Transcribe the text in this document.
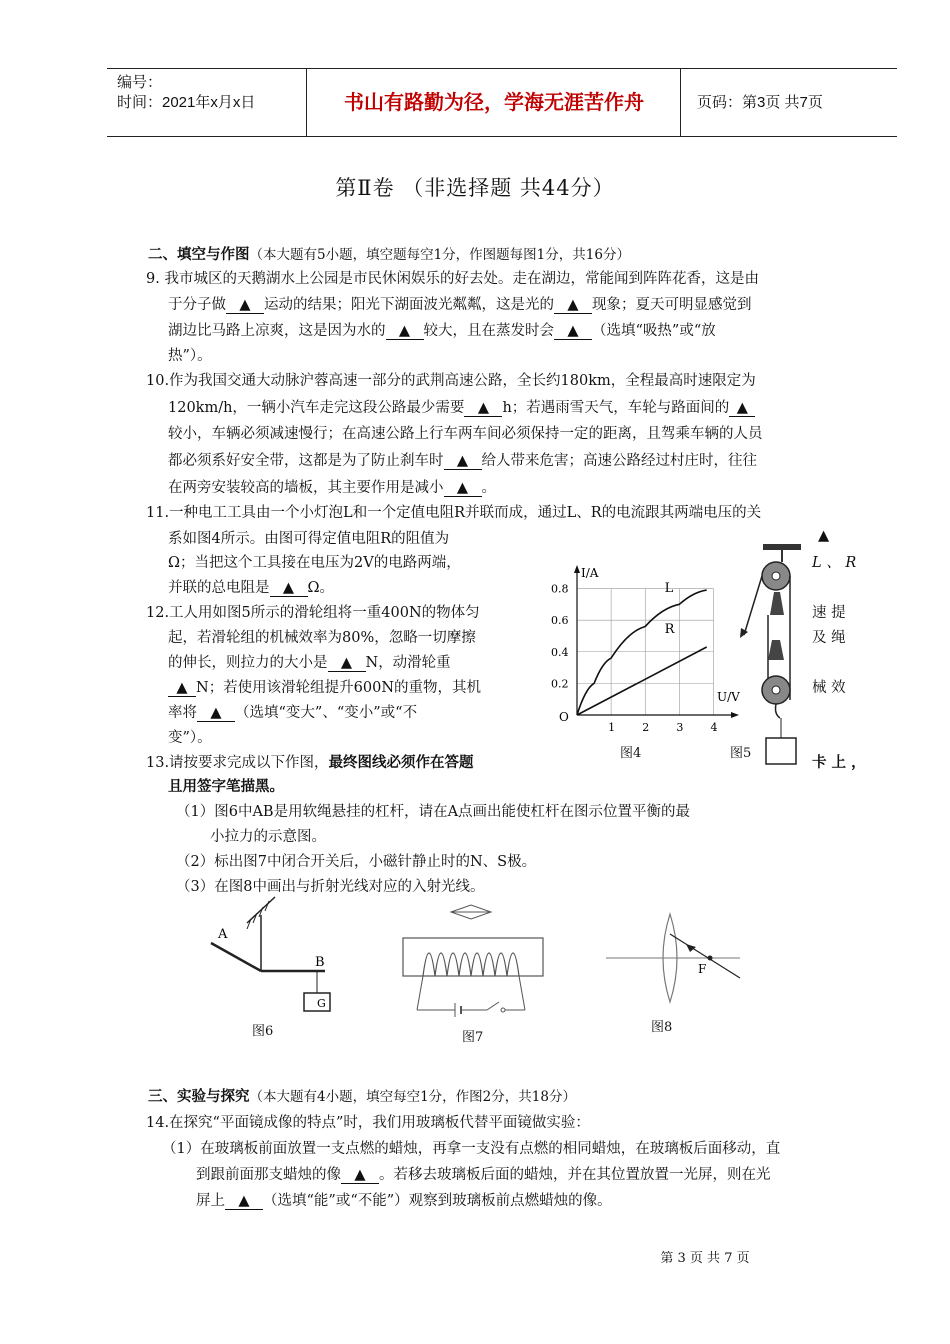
编号：
时间：2021年x月x日	书山有路勤为径，学海无涯苦作舟	页码：第3页 共7页
第Ⅱ卷 （非选择题 共44分）
二、填空与作图（本大题有5小题，填空题每空1分，作图题每图1分，共16分）
9. 我市城区的天鹅湖水上公园是市民休闲娱乐的好去处。走在湖边，常能闻到阵阵花香，这是由
于分子做 ▲ 运动的结果；阳光下湖面波光粼粼，这是光的 ▲ 现象；夏天可明显感觉到
湖边比马路上凉爽，这是因为水的 ▲ 较大，且在蒸发时会 ▲ （选填“吸热”或“放
热”）。
10.作为我国交通大动脉沪蓉高速一部分的武荆高速公路，全长约180km，全程最高时速限定为
120km/h，一辆小汽车走完这段公路最少需要 ▲ h；若遇雨雪天气，车轮与路面间的 ▲
较小，车辆必须减速慢行；在高速公路上行车两车间必须保持一定的距离，且驾乘车辆的人员
都必须系好安全带，这都是为了防止刹车时 ▲ 给人带来危害；高速公路经过村庄时，往往
在两旁安装较高的墙板，其主要作用是减小 ▲ 。
11.一种电工工具由一个小灯泡L和一个定值电阻R并联而成，通过L、R的电流跟其两端电压的关
系如图4所示。由图可得定值电阻R的阻值为	▲
Ω；当把这个工具接在电压为2V的电路两端，	L 、 R
并联的总电阻是 ▲ Ω。
12.工人用如图5所示的滑轮组将一重400N的物体匀	速 提
起，若滑轮组的机械效率为80%，忽略一切摩擦	及 绳
的伸长，则拉力的大小是 ▲ N，动滑轮重
▲ N；若使用该滑轮组提升600N的重物，其机	械 效
率将 ▲ （选填“变大”、“变小”或“不
变”）。
13.请按要求完成以下作图，最终图线必须作在答题	卡 上 ，
且用签字笔描黑。
（1）图6中AB是用软绳悬挂的杠杆，请在A点画出能使杠杆在图示位置平衡的最
小拉力的示意图。
（2）标出图7中闭合开关后，小磁针静止时的N、S极。
（3）在图8中画出与折射光线对应的入射光线。
U/V
I/A
O
1 2 3 4
0.2
0.4
0.6
0.8	L
R
图4	图5
A
B
G
图6	图7
F
图8
三、实验与探究（本大题有4小题，填空每空1分，作图2分，共18分）
14.在探究“平面镜成像的特点”时，我们用玻璃板代替平面镜做实验：
（1）在玻璃板前面放置一支点燃的蜡烛，再拿一支没有点燃的相同蜡烛，在玻璃板后面移动，直
到跟前面那支蜡烛的像 ▲ 。若移去玻璃板后面的蜡烛，并在其位置放置一光屏，则在光
屏上 ▲ （选填“能”或“不能”）观察到玻璃板前点燃蜡烛的像。
第 3 页 共 7 页
